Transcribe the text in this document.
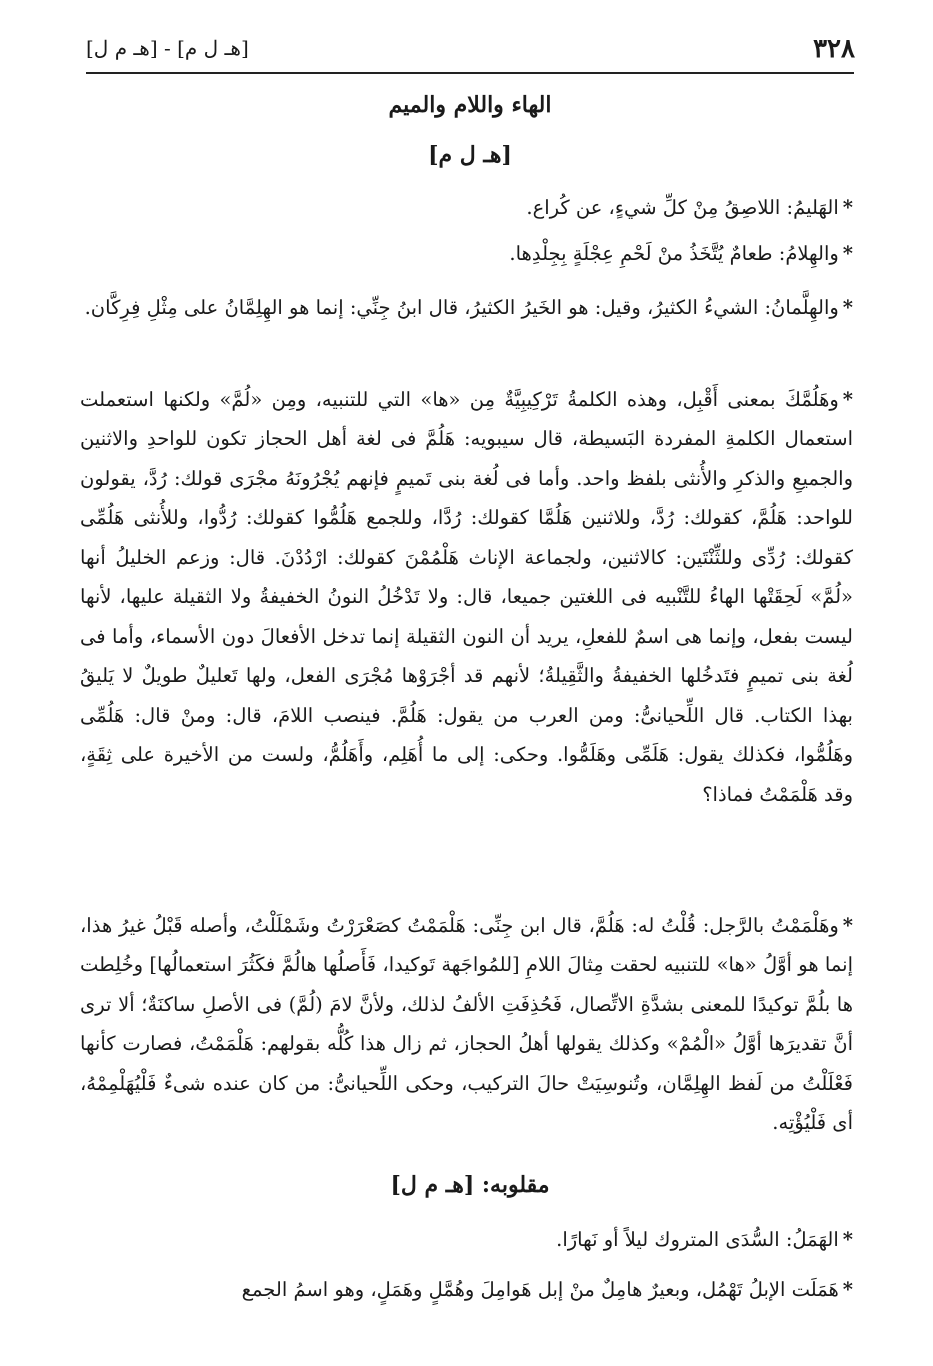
٣٢٨
[هـ ل م] - [هـ م ل]
الهاء واللام والميم
[هـ ل م]

*الهَليمُ: اللاصِقُ مِنْ كلِّ شيءٍ، عن كُراع.

*والهِلامُ: طعامٌ يُتَّخَذُ منْ لَحْمِ عِجْلَةٍ بِجِلْدِها.

*والهِلَّمانُ: الشيءُ الكثيرُ، وقيل: هو الخَيرُ الكثيرُ، قال ابنُ جِنِّي: إنما هو الهِلِمَّانُ على مِثْلِ فِرِكَّان.

*وهَلُمَّكَ بمعنى أَقْبِل، وهذه الكلمةُ تَرْكِيبِيَّةٌ مِن «ها» التي للتنبيه، ومِن «لُمَّ» ولكنها استعملت استعمال الكلمةِ المفردة البَسيطة، قال سيبويه: هَلُمَّ فى لغة أهل الحجاز تكون للواحدِ والاثنين والجميعِ والذكرِ والأُنثى بلفظ واحد. وأما فى لُغة بنى تَميمٍ فإنهم يُجْرُونَهُ مجْرَى قولك: رُدَّ، يقولون للواحد: هَلُمَّ، كقولك: رُدَّ، وللاثنين هَلُمَّا كقولك: رُدَّا، وللجمع هَلُمُّوا كقولك: رُدُّوا، وللأُنثى هَلُمِّى كقولك: رُدِّى وللثِّنْتَين: كالاثنين، ولجماعة الإناث هَلْمُمْنَ كقولك: ارْدُدْنَ. قال: وزعم الخليلُ أنها «لُمَّ» لَحِقَتْها الهاءُ للتَّنْبيه فى اللغتين جميعا، قال: ولا تَدْخُلُ النونُ الخفيفةُ ولا الثقيلة عليها، لأنها ليست بفعل، وإنما هى اسمٌ للفعلِ، يريد أن النون الثقيلة إنما تدخل الأفعالَ دون الأسماء، وأما فى لُغة بنى تميمٍ فتَدخُلها الخفيفةُ والثَّقِيلةُ؛ لأنهم قد أجْرَوْها مُجْرَى الفعل، ولها تَعليلٌ طويلٌ لا يَليقُ بهذا الكتاب. قال اللِّحيانىُّ: ومن العرب من يقول: هَلُمَّ. فينصب اللامَ، قال: ومنْ قال: هَلُمِّى وهَلُمُّوا، فكذلك يقول: هَلَمِّى وهَلَمُّوا. وحكى: إلى ما أُهَلِم، وأَهَلُمُّ، ولست من الأخيرة على ثِقَةٍ، وقد هَلْمَمْتُ فماذا؟

*وهَلْمَمْتُ بالرَّجل: قُلْتُ له: هَلُمَّ، قال ابن جِنِّى: هَلْمَمْتُ كصَعْرَرْتُ وشَمْلَلْتُ، وأصله قَبْلُ غيرُ هذا، إنما هو أوَّلُ «ها» للتنبيه لحقت مِثالَ اللامِ [للمُواجَهة تَوكيدا، فَأَصلُها هالُمَّ فكَثُرَ استعمالُها] وخُلِطت ها بلُمَّ توكيدًا للمعنى بشدَّةِ الاتِّصال، فَحُذِفَتِ الألفُ لذلك، ولأنَّ لامَ (لُمَّ) فى الأصلِ ساكنَةٌ؛ ألا ترى أنَّ تقديرَها أوَّلُ «الْمُمْ» وكذلك يقولها أهلُ الحجاز، ثم زال هذا كُلُّه بقولهم: هَلْمَمْتُ، فصارت كأنها فَعْلَلْتُ من لَفظ الهِلِمَّان، وتُنوسِيَتْ حالَ التركيب، وحكى اللِّحيانىُّ: من كان عنده شىءٌ فَلْيُهَلْمِمْهُ، أى فَلْيُؤْتِه.

مقلوبه: [هـ م ل]

*الهَمَلُ: السُّدَى المتروك ليلاً أو نَهارًا.

*هَمَلَت الإبلُ تَهْمُل، وبعيرٌ هامِلٌ منْ إبل هَوامِلَ وهُمَّلٍ وهَمَلٍ، وهو اسمُ الجمع
